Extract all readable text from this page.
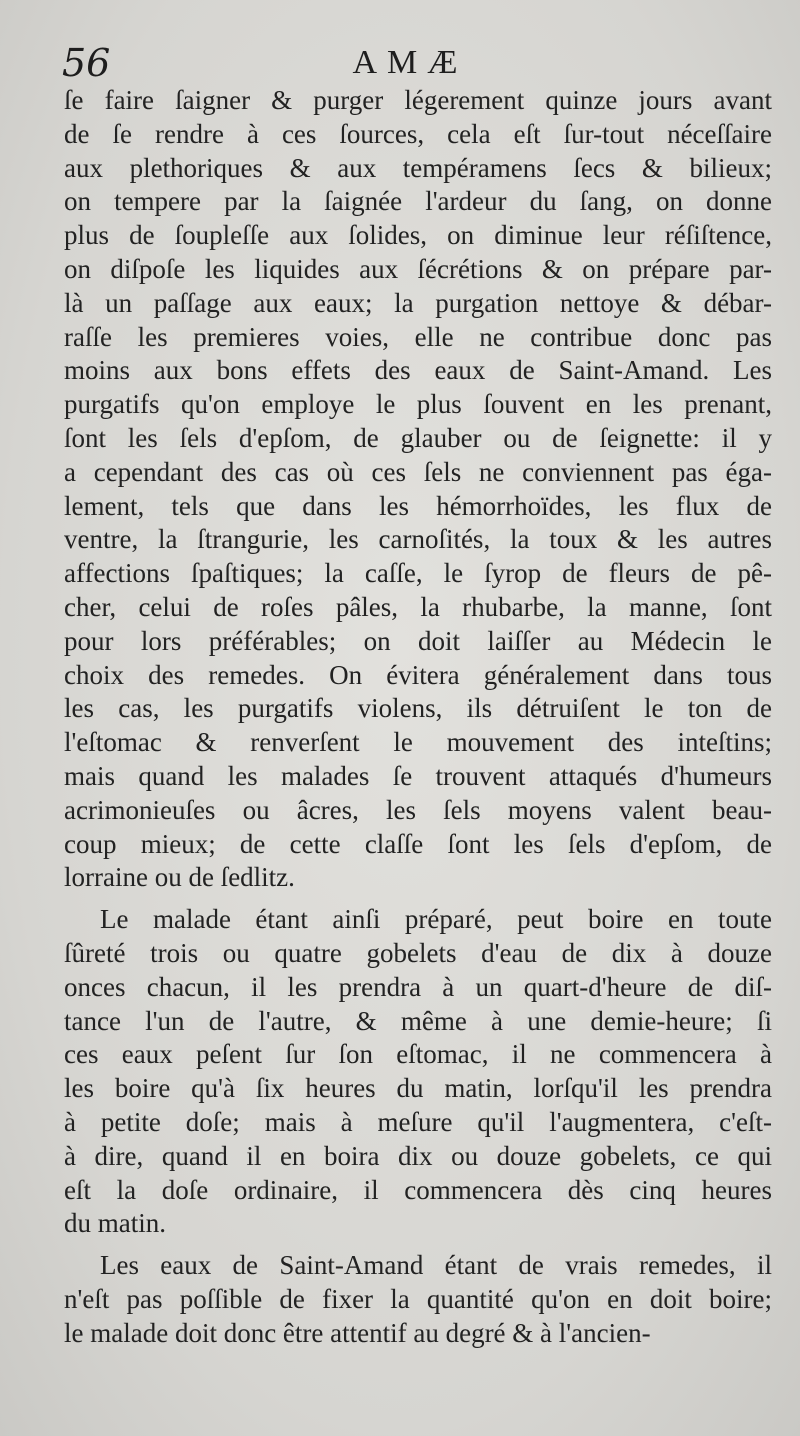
56	AMÆ
ſe faire ſaigner & purger légerement quinze jours avant
de ſe rendre à ces ſources, cela eſt ſur-tout néceſſaire
aux plethoriques & aux tempéramens ſecs & bilieux;
on tempere par la ſaignée l'ardeur du ſang, on donne
plus de ſoupleſſe aux ſolides, on diminue leur réſiſtence,
on diſpoſe les liquides aux ſécrétions & on prépare par-
là un paſſage aux eaux; la purgation nettoye & débar-
raſſe les premieres voies, elle ne contribue donc pas
moins aux bons effets des eaux de Saint-Amand. Les
purgatifs qu'on employe le plus ſouvent en les prenant,
ſont les ſels d'epſom, de glauber ou de ſeignette: il y
a cependant des cas où ces ſels ne conviennent pas éga-
lement, tels que dans les hémorrhoïdes, les flux de
ventre, la ſtrangurie, les carnoſités, la toux & les autres
affections ſpaſtiques; la caſſe, le ſyrop de fleurs de pê-
cher, celui de roſes pâles, la rhubarbe, la manne, ſont
pour lors préférables; on doit laiſſer au Médecin le
choix des remedes. On évitera généralement dans tous
les cas, les purgatifs violens, ils détruiſent le ton de
l'eſtomac & renverſent le mouvement des inteſtins;
mais quand les malades ſe trouvent attaqués d'humeurs
acrimonieuſes ou âcres, les ſels moyens valent beau-
coup mieux; de cette claſſe ſont les ſels d'epſom, de
lorraine ou de ſedlitz.
Le malade étant ainſi préparé, peut boire en toute
ſûreté trois ou quatre gobelets d'eau de dix à douze
onces chacun, il les prendra à un quart-d'heure de diſ-
tance l'un de l'autre, & même à une demie-heure; ſi
ces eaux peſent ſur ſon eſtomac, il ne commencera à
les boire qu'à ſix heures du matin, lorſqu'il les prendra
à petite doſe; mais à meſure qu'il l'augmentera, c'eſt-
à dire, quand il en boira dix ou douze gobelets, ce qui
eſt la doſe ordinaire, il commencera dès cinq heures
du matin.
Les eaux de Saint-Amand étant de vrais remedes, il
n'eſt pas poſſible de fixer la quantité qu'on en doit boire;
le malade doit donc être attentif au degré & à l'ancien-
